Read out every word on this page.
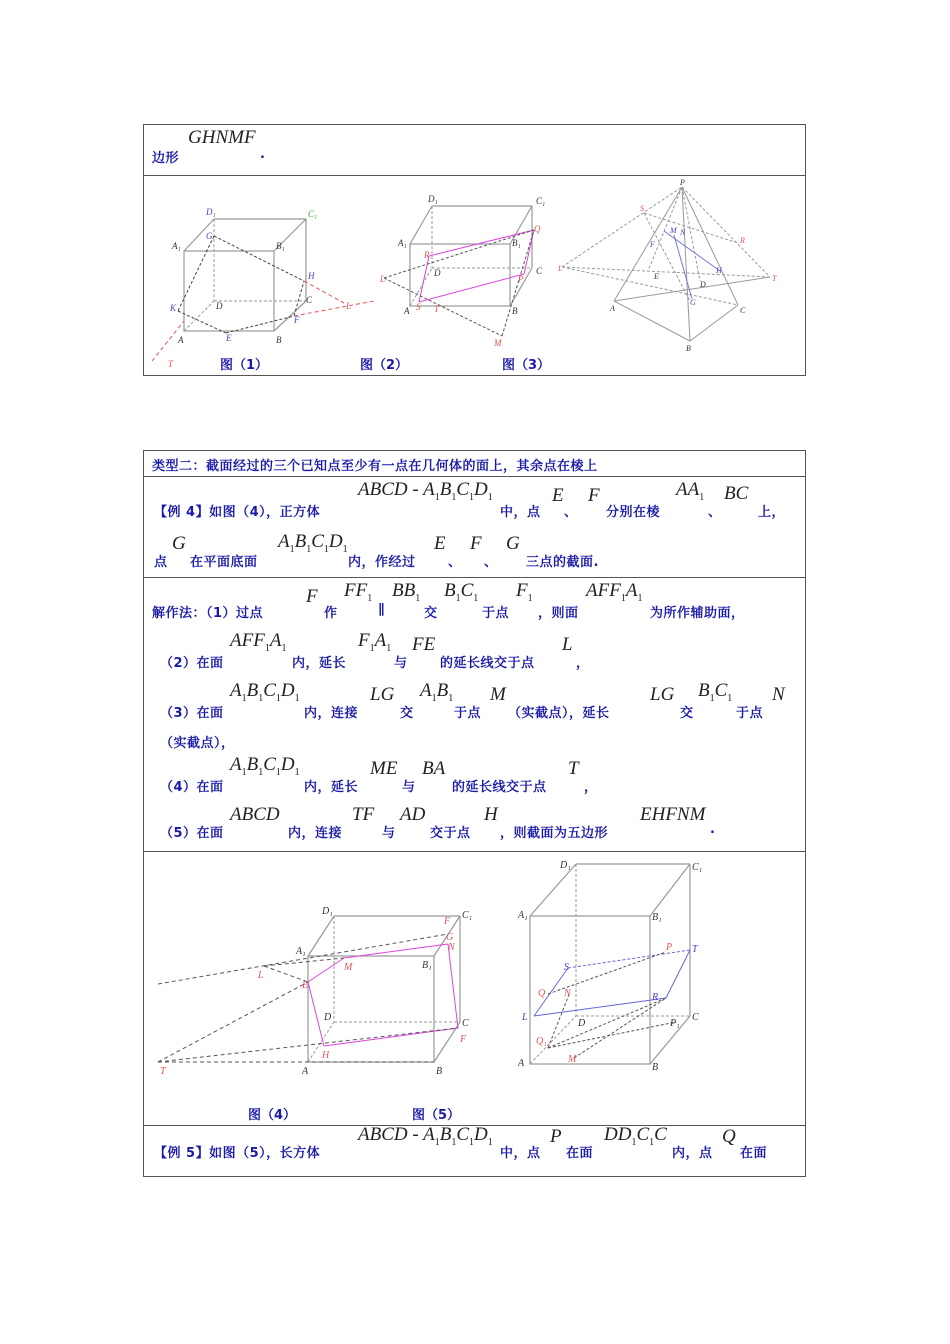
GHNMF
边形	.
A₁	B₁
C
D
B
A
D₁
G
H
K
E
F
C₁
L
T
D₁	C₁
A₁	B₁
D	C
A	B
R
Q
P
S T
L
M
P
E
D
A	C
B
S
R
L
T
F
M N
H
G
图（1）	图（2）	图（3）
类型二：截面经过的三个已知点至少有一点在几何体的面上，其余点在棱上
【例 4】如图（4），正方体
ABCD - $A_1B_1C_1D_1$
中，点
E
、
F
分别在棱
$AA_1$
、
BC
上，
点
G
在平面底面
$A_1B_1C_1D_1$
内，作经过
E
、
F
、
G
三点的截面.
解作法：（1）过点
F
作
$FF_1$
∥
$BB_1$
交
$B_1C_1$
于点
$F_1$
，则面
$AFF_1A_1$
为所作辅助面，
（2）在面
$AFF_1A_1$
内，延长
$F_1A_1$
与
FE
的延长线交于点
L
，
（3）在面
$A_1B_1C_1D_1$
内，连接
LG
交
$A_1B_1$
于点
M
（实截点），延长
LG
交
$B_1C_1$
于点
N
（实截点），
（4）在面
$A_1B_1C_1D_1$
内，延长
ME
与
BA
的延长线交于点
T
，
（5）在面
ABCD
内，连接
TF
与
AD
交于点
H
，则截面为五边形
EHFNM
.
D₁	C₁
A₁
B₁
D
C
A	B
L
M
E
F
G
N
H
F
T
D₁	C₁
A₁	B₁
D
C
A	B
P₁
S
T
L
R
P
Q N
Q₁
M
图（4）	图（5）
【例 5】如图（5），长方体
ABCD - $A_1B_1C_1D_1$
中，点
P
在面
$DD_1C_1C$
内，点
Q
在面
